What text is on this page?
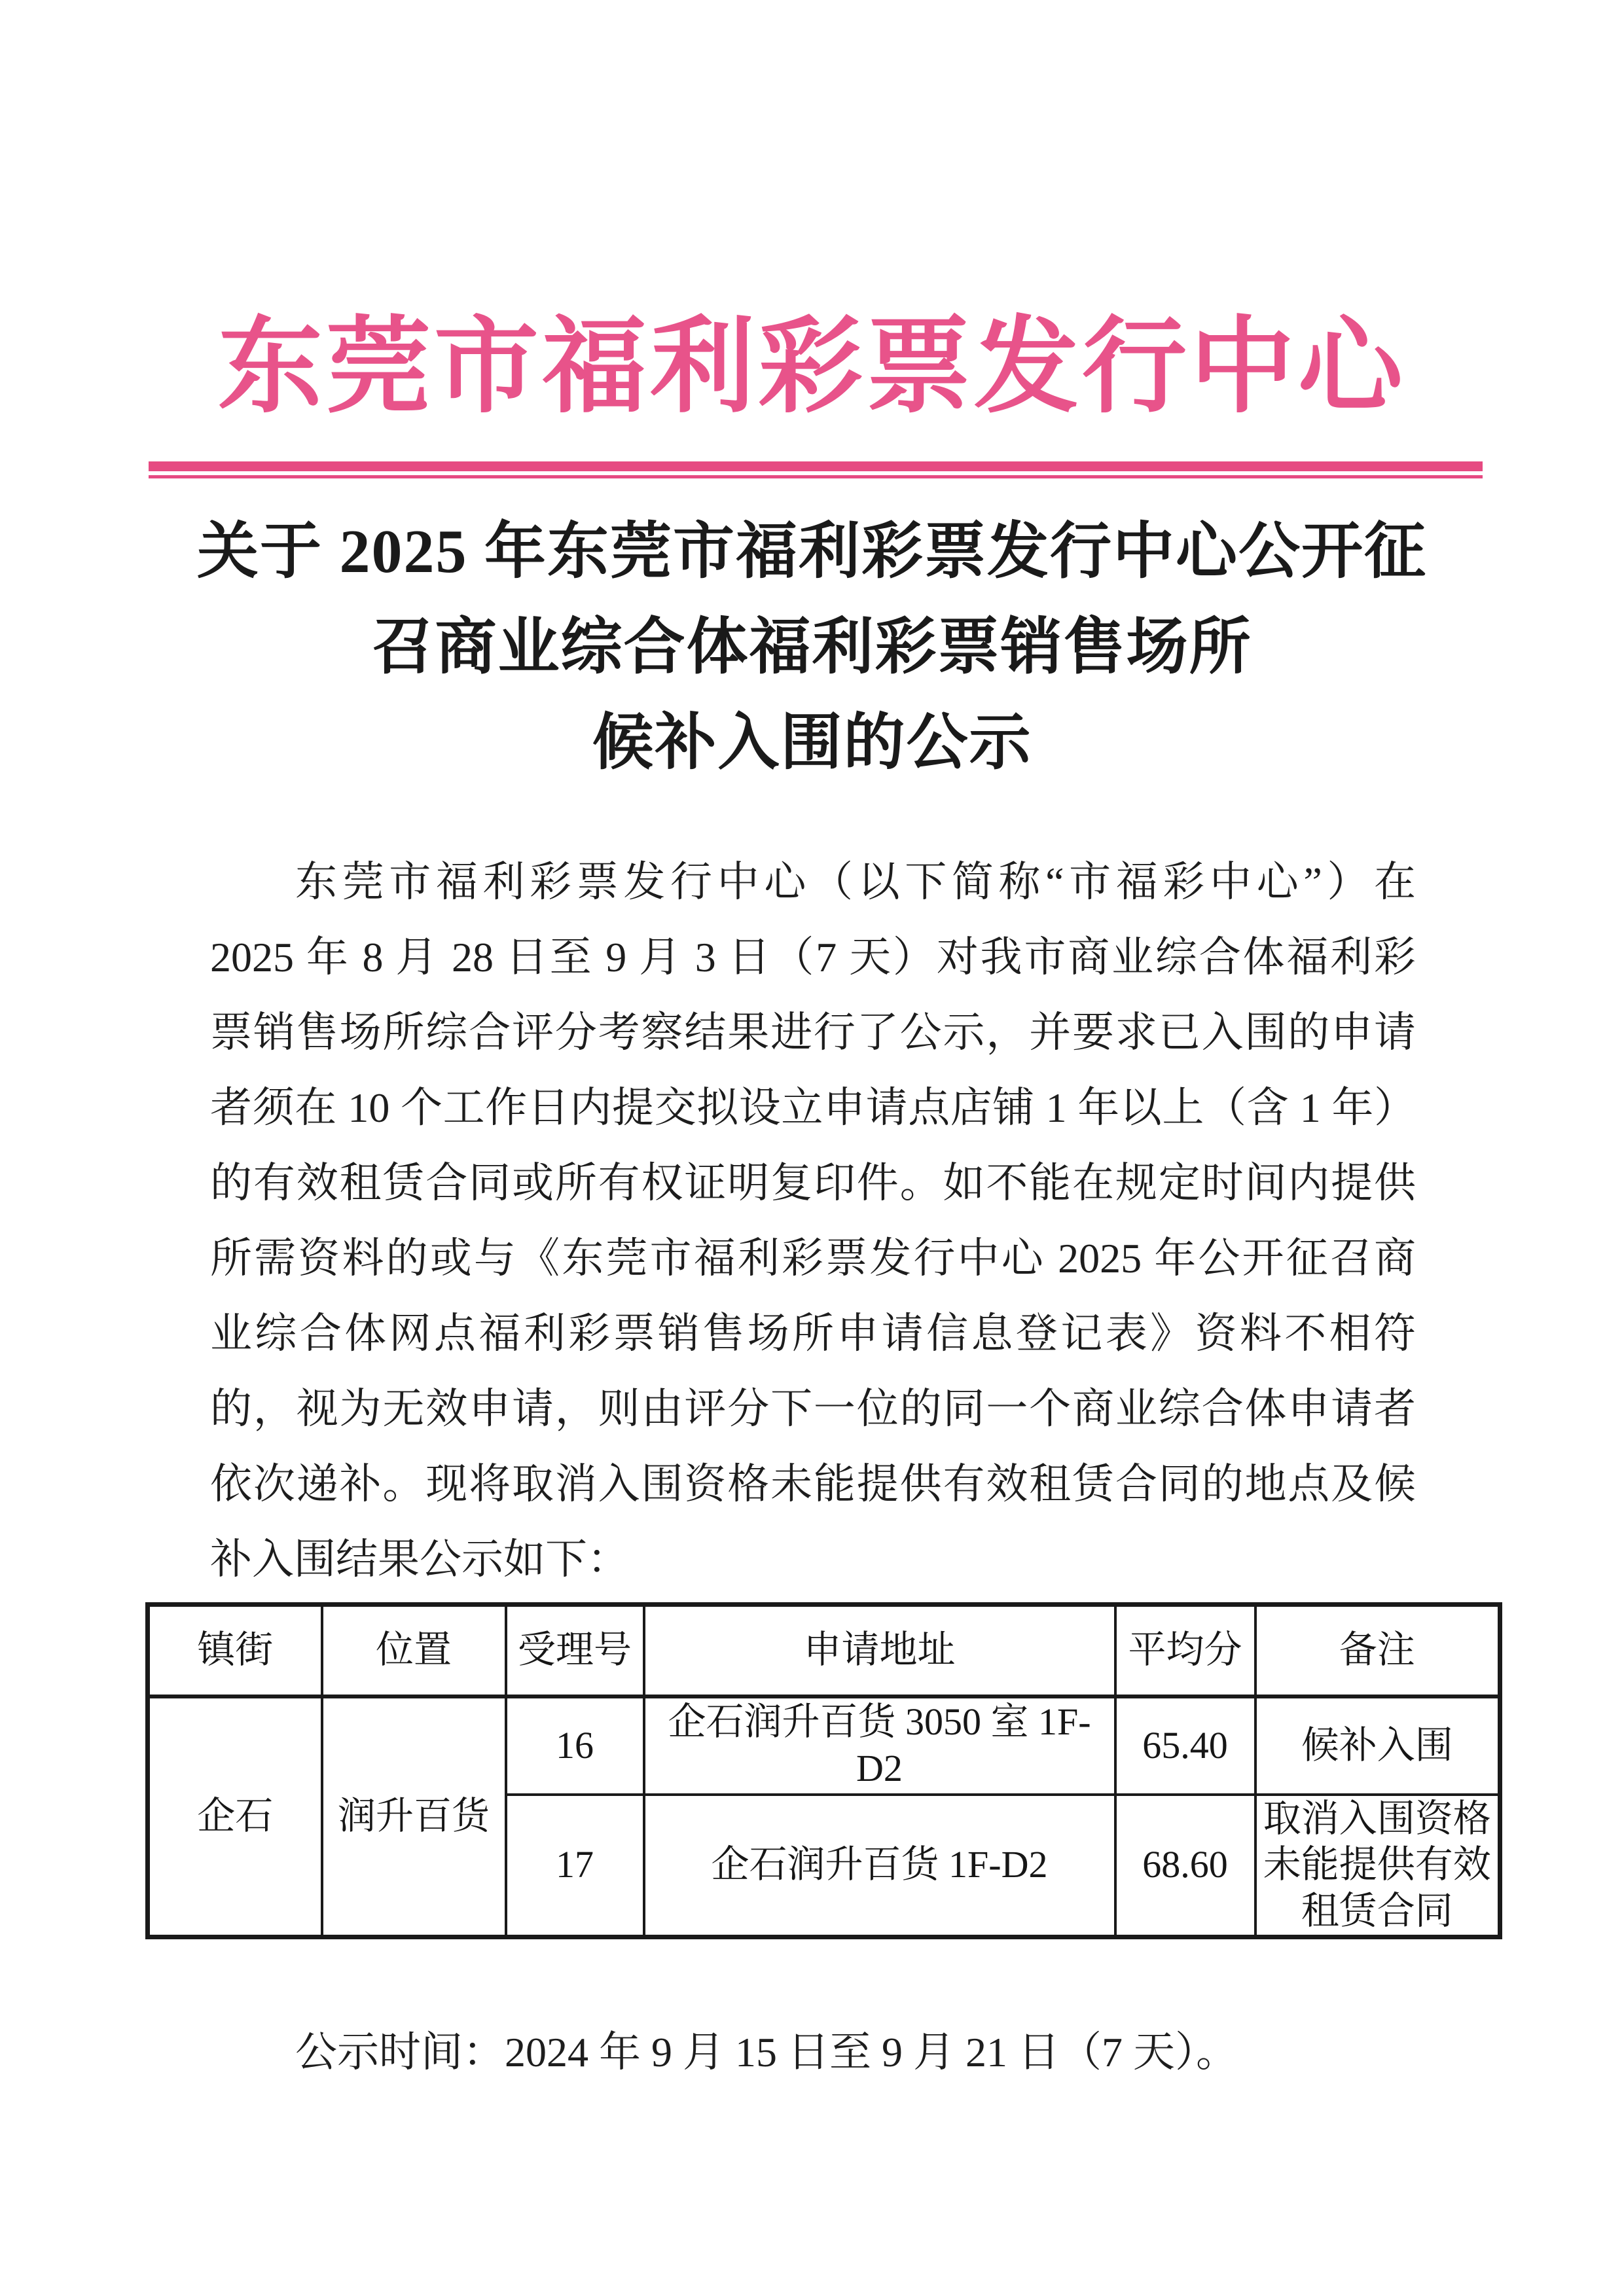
东莞市福利彩票发行中心
关于 2025 年东莞市福利彩票发行中心公开征
召商业综合体福利彩票销售场所
候补入围的公示
东莞市福利彩票发行中心（以下简称“市福彩中心”）在
2025 年 8 月 28 日至 9 月 3 日（7 天）对我市商业综合体福利彩
票销售场所综合评分考察结果进行了公示，并要求已入围的申请
者须在 10 个工作日内提交拟设立申请点店铺 1 年以上（含 1 年）
的有效租赁合同或所有权证明复印件。如不能在规定时间内提供
所需资料的或与《东莞市福利彩票发行中心 2025 年公开征召商
业综合体网点福利彩票销售场所申请信息登记表》资料不相符
的，视为无效申请，则由评分下一位的同一个商业综合体申请者
依次递补。现将取消入围资格未能提供有效租赁合同的地点及候
补入围结果公示如下：
镇街	位置	受理号	申请地址	平均分	备注
企石	润升百货	16	企石润升百货 3050 室 1F-D2	65.40	候补入围
		17	企石润升百货 1F-D2	68.60	取消入围资格未能提供有效租赁合同
公示时间：2024 年 9 月 15 日至 9 月 21 日（7 天）。
